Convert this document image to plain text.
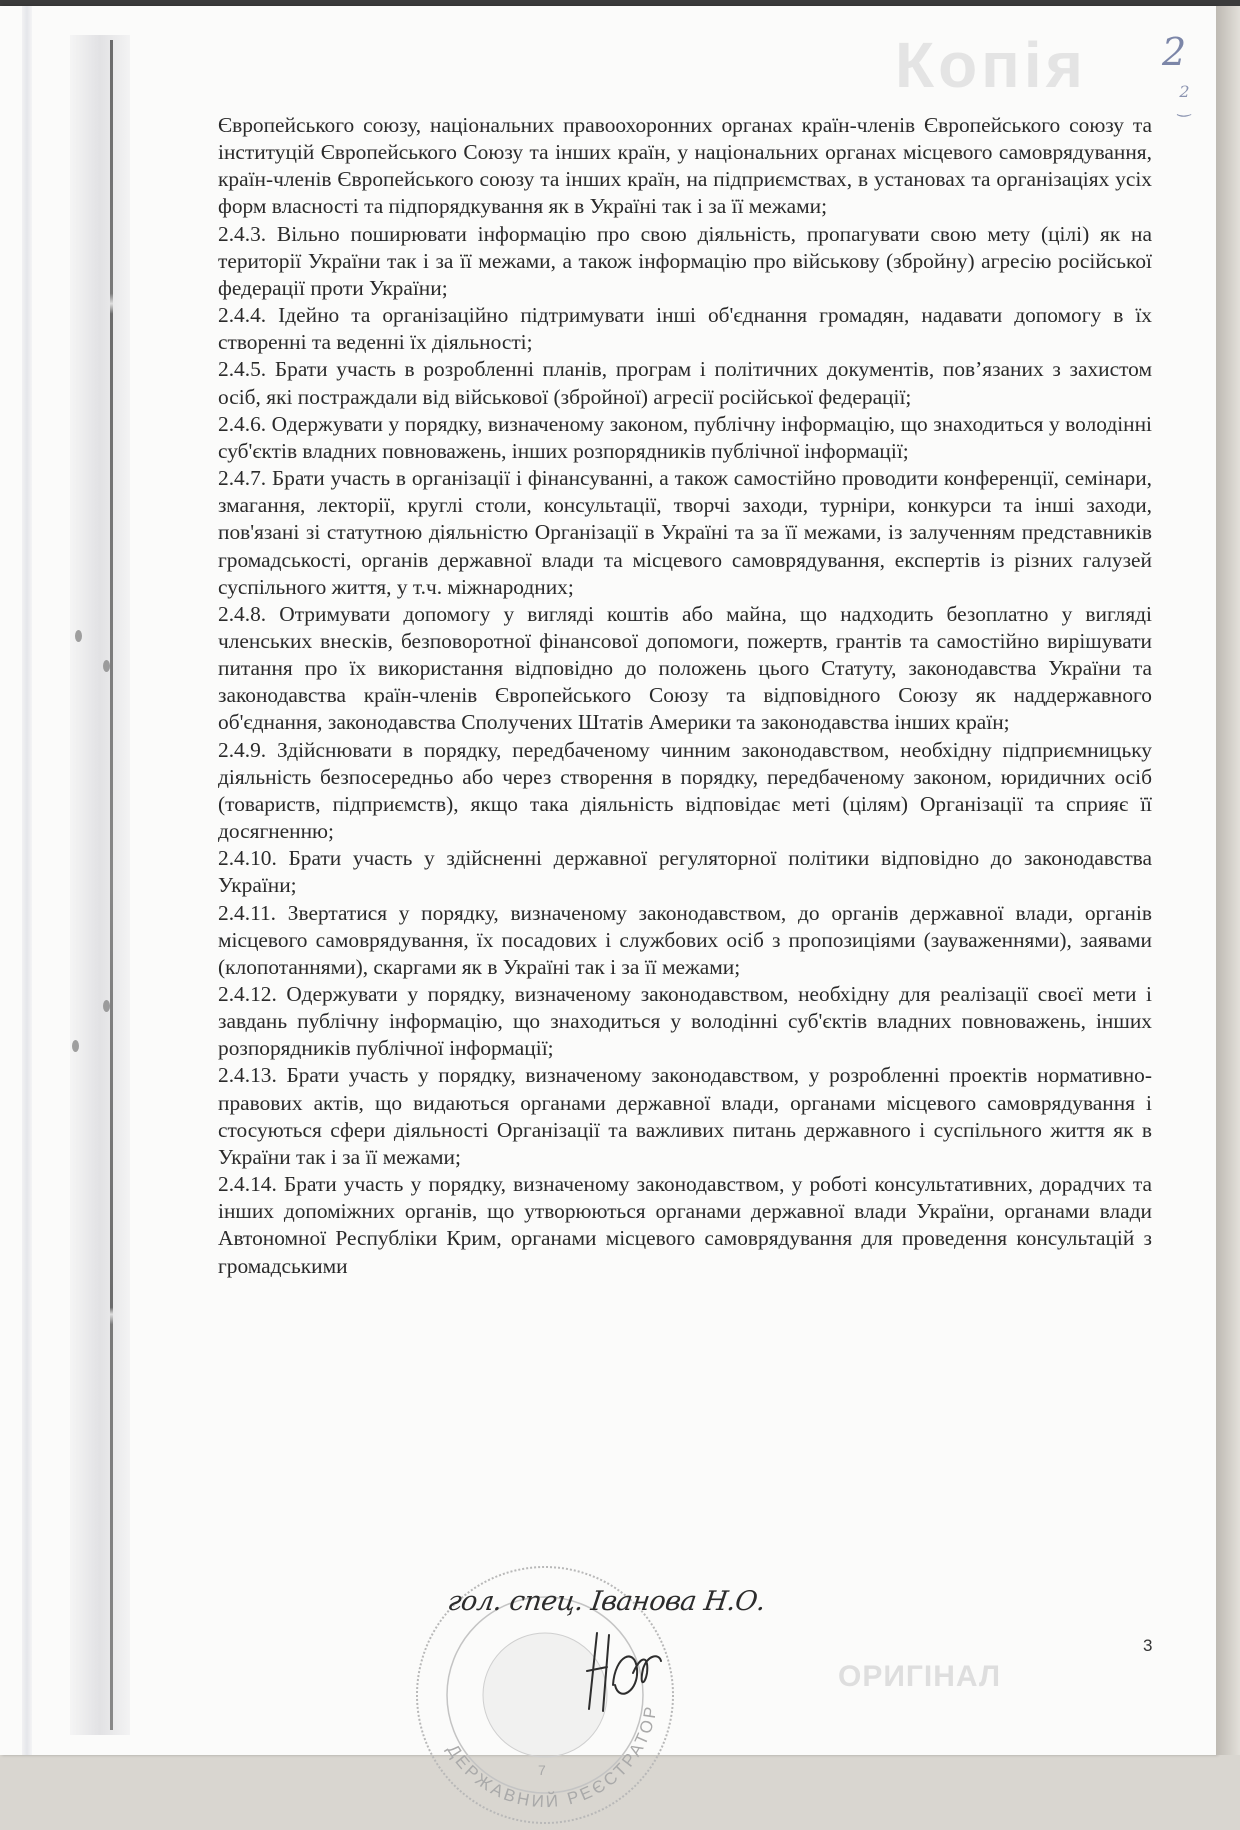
Копія 2
2
‿

Європейського союзу, національних правоохоронних органах країн-членів Європейського союзу та інституцій Європейського Союзу та інших країн, у національних органах місцевого самоврядування, країн-членів Європейського союзу та інших країн, на підприємствах, в установах та організаціях усіх форм власності та підпорядкування як в Україні так і за її межами;

2.4.3. Вільно поширювати інформацію про свою діяльність, пропагувати свою мету (цілі) як на території України так і за її межами, а також інформацію про військову (збройну) агресію російської федерації проти України;

2.4.4. Ідейно та організаційно підтримувати інші об'єднання громадян, надавати допомогу в їх створенні та веденні їх діяльності;

2.4.5. Брати участь в розробленні планів, програм і політичних документів, пов’язаних з захистом осіб, які постраждали від військової (збройної) агресії російської федерації;

2.4.6. Одержувати у порядку, визначеному законом, публічну інформацію, що знаходиться у володінні суб'єктів владних повноважень, інших розпорядників публічної інформації;

2.4.7. Брати участь в організації і фінансуванні, а також самостійно проводити конференції, семінари, змагання, лекторії, круглі столи, консультації, творчі заходи, турніри, конкурси та інші заходи, пов'язані зі статутною діяльністю Організації в Україні та за її межами, із залученням представників громадськості, органів державної влади та місцевого самоврядування, експертів із різних галузей суспільного життя, у т.ч. міжнародних;

2.4.8. Отримувати допомогу у вигляді коштів або майна, що надходить безоплатно у вигляді членських внесків, безповоротної фінансової допомоги, пожертв, грантів та самостійно вирішувати питання про їх використання відповідно до положень цього Статуту, законодавства України та законодавства країн-членів Європейського Союзу та відповідного Союзу як наддержавного об'єднання, законодавства Сполучених Штатів Америки та законодавства інших країн;

2.4.9. Здійснювати в порядку, передбаченому чинним законодавством, необхідну підприємницьку діяльність безпосередньо або через створення в порядку, передбаченому законом, юридичних осіб (товариств, підприємств), якщо така діяльність відповідає меті (цілям) Організації та сприяє її досягненню;

2.4.10. Брати участь у здійсненні державної регуляторної політики відповідно до законодавства України;

2.4.11. Звертатися у порядку, визначеному законодавством, до органів державної влади, органів місцевого самоврядування, їх посадових і службових осіб з пропозиціями (зауваженнями), заявами (клопотаннями), скаргами як в Україні так і за її межами;

2.4.12. Одержувати у порядку, визначеному законодавством, необхідну для реалізації своєї мети і завдань публічну інформацію, що знаходиться у володінні суб'єктів владних повноважень, інших розпорядників публічної інформації;

2.4.13. Брати участь у порядку, визначеному законодавством, у розробленні проектів нормативно-правових актів, що видаються органами державної влади, органами місцевого самоврядування і стосуються сфери діяльності Організації та важливих питань державного і суспільного життя як в України так і за її межами;

2.4.14. Брати участь у порядку, визначеному законодавством, у роботі консультативних, дорадчих та інших допоміжних органів, що утворюються органами державної влади України, органами влади Автономної Республіки Крим, органами місцевого самоврядування для проведення консультацій з громадськими

ДЕРЖАВНИЙ РЕЄСТРАТОР
7
гол. спец. Іванова Н.О.
3
ОРИГІНАЛ
